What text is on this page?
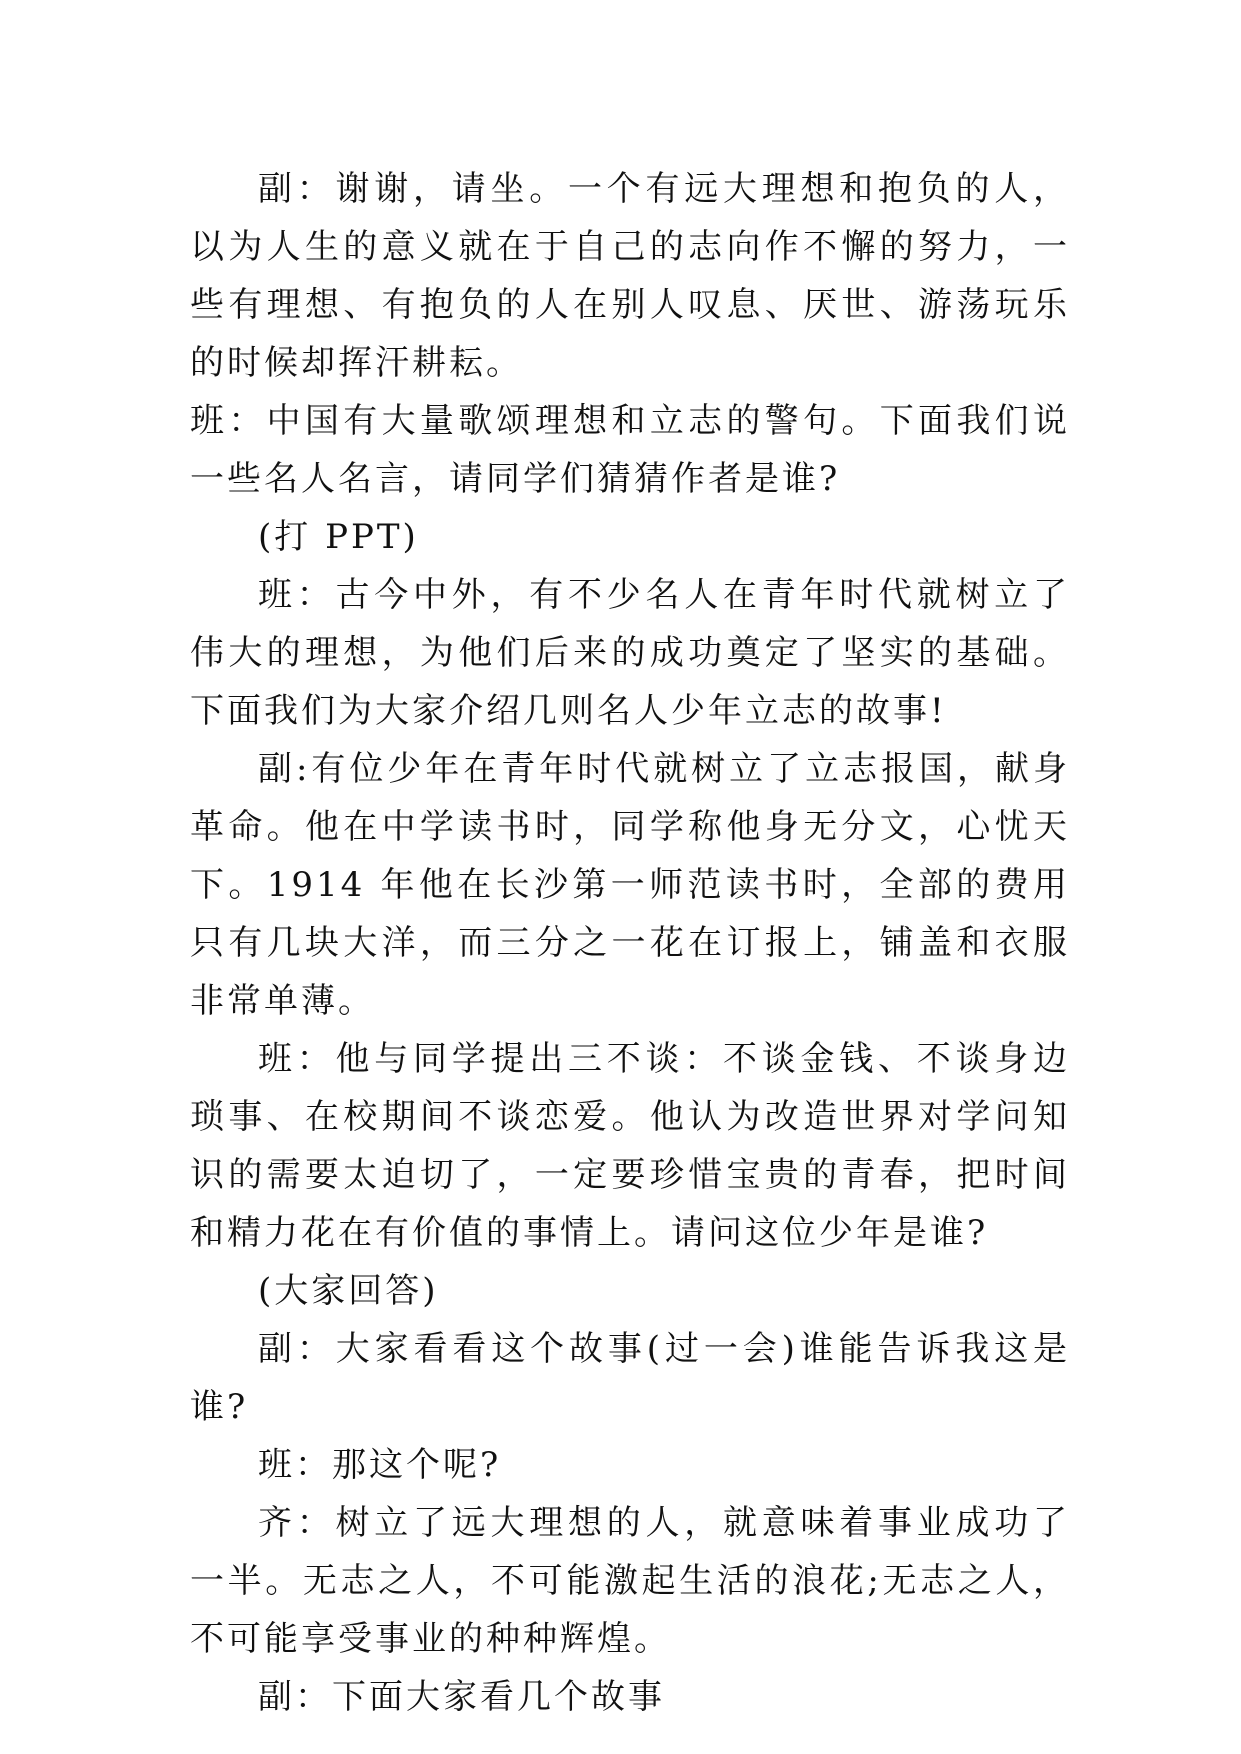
副：谢谢，请坐。一个有远大理想和抱负的人，以为人生的意义就在于自己的志向作不懈的努力，一些有理想、有抱负的人在别人叹息、厌世、游荡玩乐的时候却挥汗耕耘。

班：中国有大量歌颂理想和立志的警句。下面我们说一些名人名言，请同学们猜猜作者是谁?

(打 PPT)

班：古今中外，有不少名人在青年时代就树立了伟大的理想，为他们后来的成功奠定了坚实的基础。下面我们为大家介绍几则名人少年立志的故事!

副:有位少年在青年时代就树立了立志报国，献身革命。他在中学读书时，同学称他身无分文，心忧天下。1914 年他在长沙第一师范读书时，全部的费用只有几块大洋，而三分之一花在订报上，铺盖和衣服非常单薄。

班：他与同学提出三不谈：不谈金钱、不谈身边琐事、在校期间不谈恋爱。他认为改造世界对学问知识的需要太迫切了，一定要珍惜宝贵的青春，把时间和精力花在有价值的事情上。请问这位少年是谁?

(大家回答)

副：大家看看这个故事(过一会)谁能告诉我这是谁?

班：那这个呢?

齐：树立了远大理想的人，就意味着事业成功了一半。无志之人，不可能激起生活的浪花;无志之人，不可能享受事业的种种辉煌。

副：下面大家看几个故事
